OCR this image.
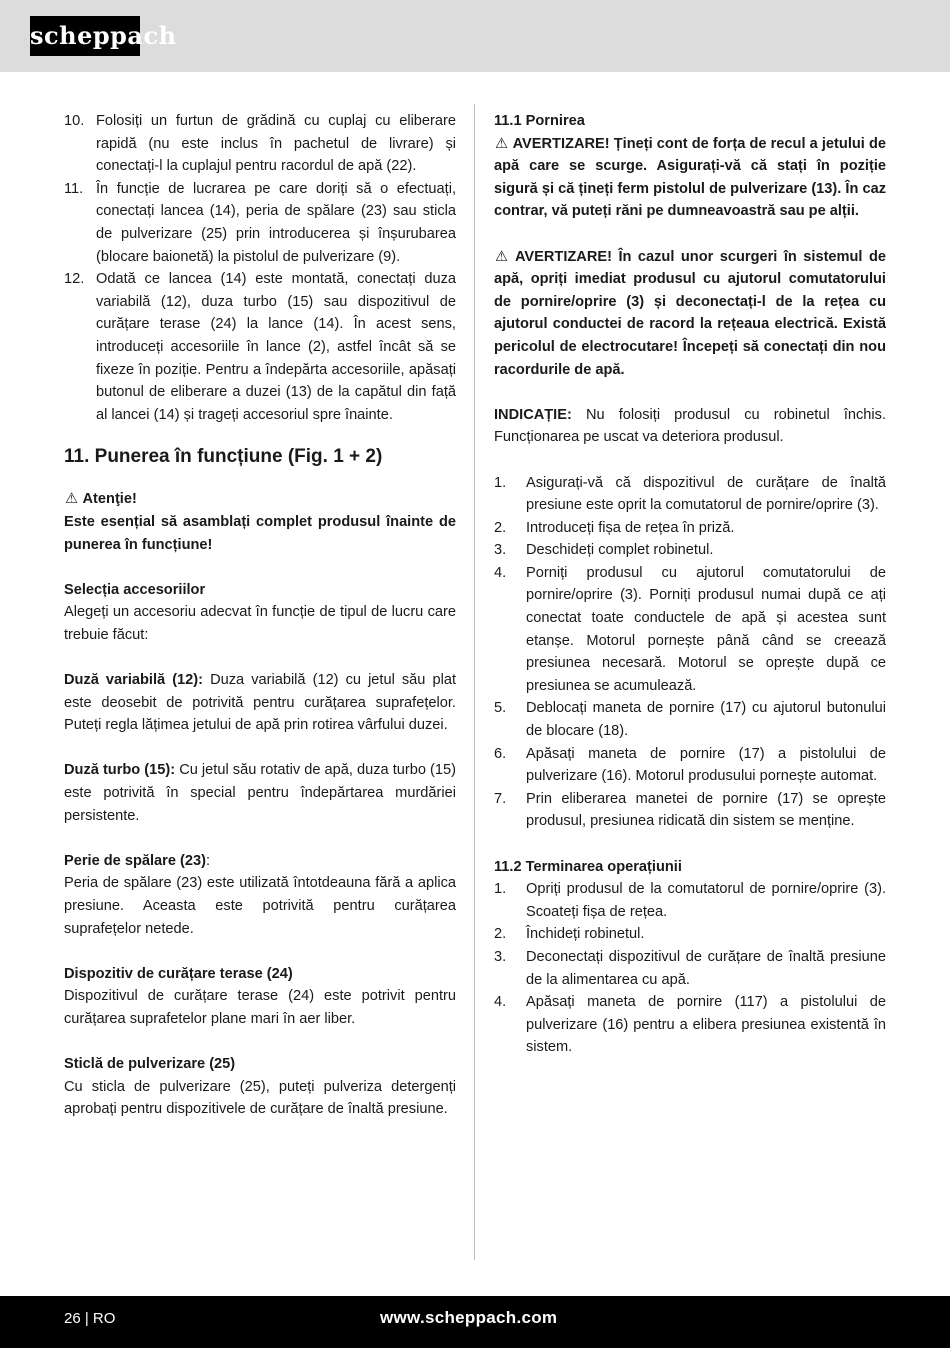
scheppach
10. Folosiți un furtun de grădină cu cuplaj cu eliberare rapidă (nu este inclus în pachetul de livrare) și conectați-l la cuplajul pentru racordul de apă (22).
11. În funcție de lucrarea pe care doriți să o efectuați, conectați lancea (14), peria de spălare (23) sau sticla de pulverizare (25) prin introducerea și înșurubarea (blocare baionetă) la pistolul de pulverizare (9).
12. Odată ce lancea (14) este montată, conectați duza variabilă (12), duza turbo (15) sau dispozitivul de curățare terase (24) la lance (14). În acest sens, introduceți accesoriile în lance (2), astfel încât să se fixeze în poziție. Pentru a îndepărta accesoriile, apăsați butonul de eliberare a duzei (13) de la capătul din față al lancei (14) și trageți accesoriul spre înainte.

11. Punerea în funcțiune (Fig. 1 + 2)

⚠ Atenţie!

Este esențial să asamblați complet produsul înainte de punerea în funcțiune!

Selecția accesoriilor

Alegeți un accesoriu adecvat în funcție de tipul de lucru care trebuie făcut:

Duză variabilă (12): Duza variabilă (12) cu jetul său plat este deosebit de potrivită pentru curățarea suprafețelor. Puteți regla lățimea jetului de apă prin rotirea vârfului duzei.

Duză turbo (15): Cu jetul său rotativ de apă, duza turbo (15) este potrivită în special pentru îndepărtarea murdăriei persistente.

Perie de spălare (23):

Peria de spălare (23) este utilizată întotdeauna fără a aplica presiune. Aceasta este potrivită pentru curățarea suprafețelor netede.

Dispozitiv de curățare terase (24)

Dispozitivul de curățare terase (24) este potrivit pentru curățarea suprafetelor plane mari în aer liber.

Sticlă de pulverizare (25)

Cu sticla de pulverizare (25), puteți pulveriza detergenți aprobați pentru dispozitivele de curățare de înaltă presiune.

11.1 Pornirea

⚠ AVERTIZARE! Țineți cont de forța de recul a jetului de apă care se scurge. Asigurați-vă că stați în poziție sigură și că țineți ferm pistolul de pulverizare (13). În caz contrar, vă puteți răni pe dumneavoastră sau pe alții.

⚠ AVERTIZARE! În cazul unor scurgeri în sistemul de apă, opriți imediat produsul cu ajutorul comutatorului de pornire/oprire (3) și deconectați-l de la rețea cu ajutorul conductei de racord la rețeaua electrică. Există pericolul de electrocutare! Începeți să conectați din nou racordurile de apă.

INDICAȚIE: Nu folosiți produsul cu robinetul închis. Funcționarea pe uscat va deteriora produsul.

1.	Asigurați-vă că dispozitivul de curățare de înaltă presiune este oprit la comutatorul de pornire/oprire (3).
2.	Introduceți fișa de rețea în priză.
3.	Deschideți complet robinetul.
4.	Porniți produsul cu ajutorul comutatorului de pornire/oprire (3). Porniți produsul numai după ce ați conectat toate conductele de apă și acestea sunt etanșe. Motorul pornește până când se creează presiunea necesară. Motorul se oprește după ce presiunea se acumulează.
5.	Deblocați maneta de pornire (17) cu ajutorul butonului de blocare (18).
6.	Apăsați maneta de pornire (17) a pistolului de pulverizare (16). Motorul produsului pornește automat.
7.	Prin eliberarea manetei de pornire (17) se oprește produsul, presiunea ridicată din sistem se menține.

11.2 Terminarea operațiunii

1.	Opriți produsul de la comutatorul de pornire/oprire (3). Scoateți fișa de rețea.
2.	Închideți robinetul.
3.	Deconectați dispozitivul de curățare de înaltă presiune de la alimentarea cu apă.
4.	Apăsați maneta de pornire (117) a pistolului de pulverizare (16) pentru a elibera presiunea existentă în sistem.
26 | RO	www.scheppach.com
